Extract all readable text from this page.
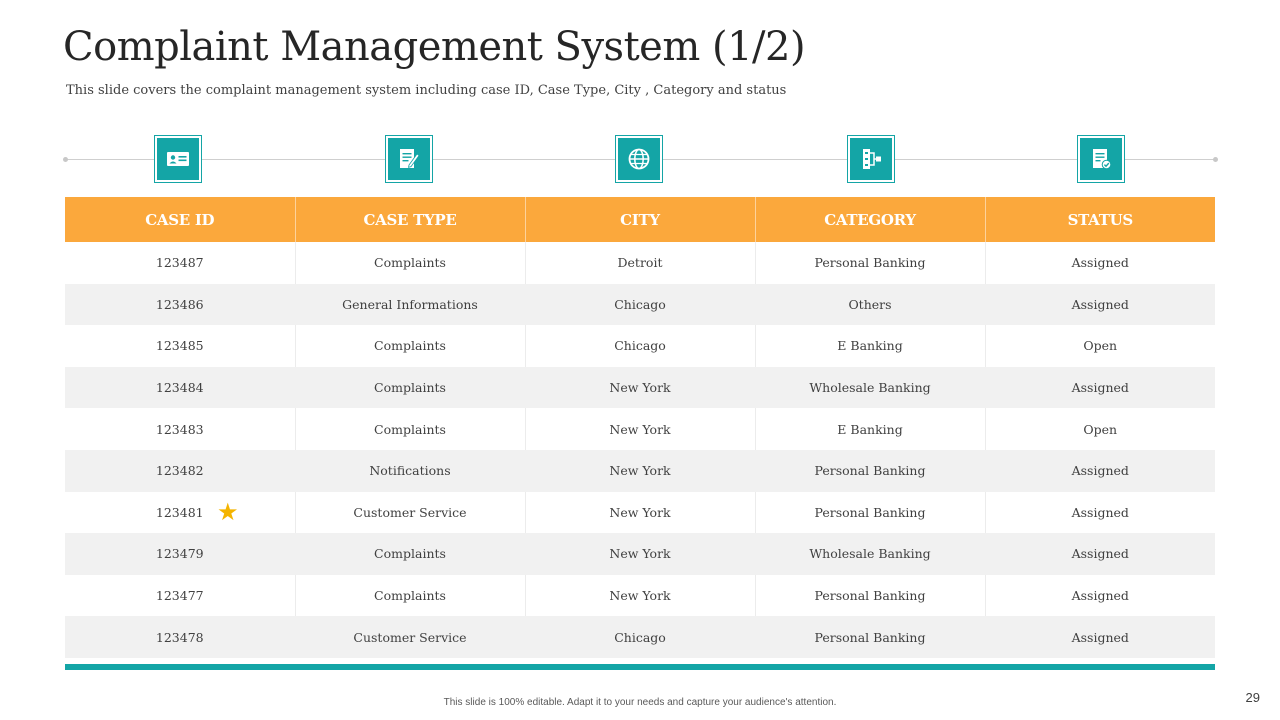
Complaint Management System (1/2)
This slide covers the complaint management system including case ID, Case Type, City , Category and status
CASE ID	CASE TYPE	CITY	CATEGORY	STATUS
123487	Complaints	Detroit	Personal Banking	Assigned
123486	General Informations	Chicago	Others	Assigned
123485	Complaints	Chicago	E Banking	Open
123484	Complaints	New York	Wholesale Banking	Assigned
123483	Complaints	New York	E Banking	Open
123482	Notifications	New York	Personal Banking	Assigned
123481 ★	Customer Service	New York	Personal Banking	Assigned
123479	Complaints	New York	Wholesale Banking	Assigned
123477	Complaints	New York	Personal Banking	Assigned
123478	Customer Service	Chicago	Personal Banking	Assigned
This slide is 100% editable. Adapt it to your needs and capture your audience's attention.	29
